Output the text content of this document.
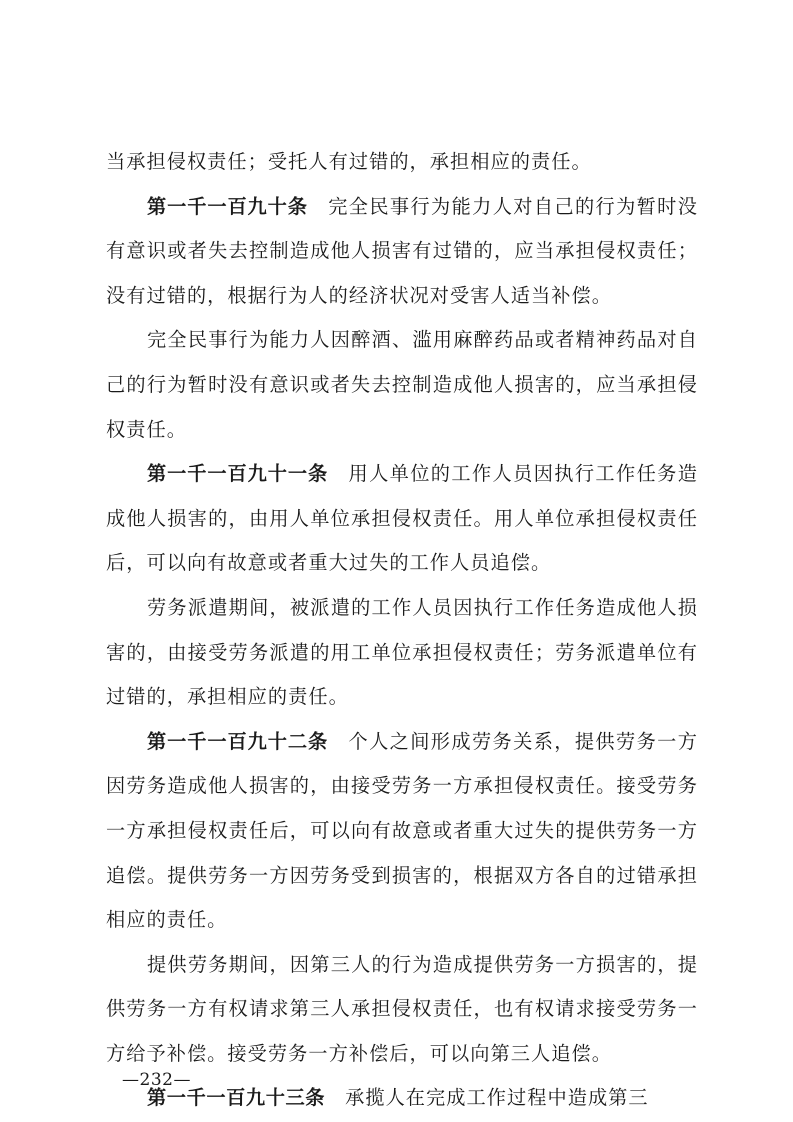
当承担侵权责任；受托人有过错的，承担相应的责任。

第一千一百九十条 完全民事行为能力人对自己的行为暂时没有意识或者失去控制造成他人损害有过错的，应当承担侵权责任；没有过错的，根据行为人的经济状况对受害人适当补偿。

完全民事行为能力人因醉酒、滥用麻醉药品或者精神药品对自己的行为暂时没有意识或者失去控制造成他人损害的，应当承担侵权责任。

第一千一百九十一条 用人单位的工作人员因执行工作任务造成他人损害的，由用人单位承担侵权责任。用人单位承担侵权责任后，可以向有故意或者重大过失的工作人员追偿。

劳务派遣期间，被派遣的工作人员因执行工作任务造成他人损害的，由接受劳务派遣的用工单位承担侵权责任；劳务派遣单位有过错的，承担相应的责任。

第一千一百九十二条 个人之间形成劳务关系，提供劳务一方因劳务造成他人损害的，由接受劳务一方承担侵权责任。接受劳务一方承担侵权责任后，可以向有故意或者重大过失的提供劳务一方追偿。提供劳务一方因劳务受到损害的，根据双方各自的过错承担相应的责任。

提供劳务期间，因第三人的行为造成提供劳务一方损害的，提供劳务一方有权请求第三人承担侵权责任，也有权请求接受劳务一方给予补偿。接受劳务一方补偿后，可以向第三人追偿。

第一千一百九十三条 承揽人在完成工作过程中造成第三

—232—
